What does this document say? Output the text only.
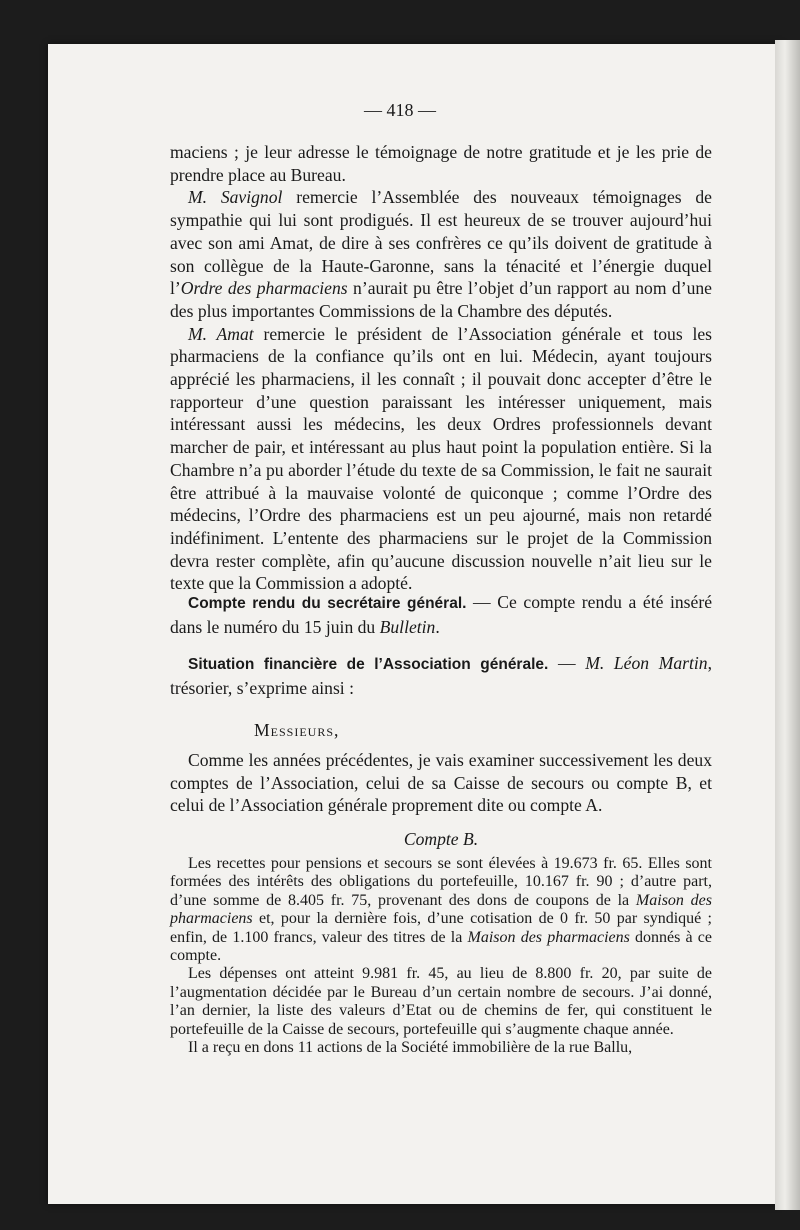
— 418 —

maciens ; je leur adresse le témoignage de notre gratitude et je les prie de prendre place au Bureau.

M. Savignol remercie l’Assemblée des nouveaux témoignages de sympathie qui lui sont prodigués. Il est heureux de se trouver aujourd’hui avec son ami Amat, de dire à ses confrères ce qu’ils doivent de gratitude à son collègue de la Haute-Garonne, sans la ténacité et l’énergie duquel l’Ordre des pharmaciens n’aurait pu être l’objet d’un rapport au nom d’une des plus importantes Commissions de la Chambre des députés.

M. Amat remercie le président de l’Association générale et tous les pharmaciens de la confiance qu’ils ont en lui. Médecin, ayant toujours apprécié les pharmaciens, il les connaît ; il pouvait donc accepter d’être le rapporteur d’une question paraissant les intéresser uniquement, mais intéressant aussi les médecins, les deux Ordres professionnels devant marcher de pair, et intéressant au plus haut point la population entière. Si la Chambre n’a pu aborder l’étude du texte de sa Commission, le fait ne saurait être attribué à la mauvaise volonté de quiconque ; comme l’Ordre des médecins, l’Ordre des pharmaciens est un peu ajourné, mais non retardé indéfiniment. L’entente des pharmaciens sur le projet de la Commission devra rester complète, afin qu’aucune discussion nouvelle n’ait lieu sur le texte que la Commission a adopté.

Compte rendu du secrétaire général. — Ce compte rendu a été inséré dans le numéro du 15 juin du Bulletin.

Situation financière de l’Association générale. — M. Léon Martin, trésorier, s’exprime ainsi :

Messieurs,

Comme les années précédentes, je vais examiner successivement les deux comptes de l’Association, celui de sa Caisse de secours ou compte B, et celui de l’Association générale proprement dite ou compte A.

Compte B.

Les recettes pour pensions et secours se sont élevées à 19.673 fr. 65. Elles sont formées des intérêts des obligations du portefeuille, 10.167 fr. 90 ; d’autre part, d’une somme de 8.405 fr. 75, provenant des dons de coupons de la Maison des pharmaciens et, pour la dernière fois, d’une cotisation de 0 fr. 50 par syndiqué ; enfin, de 1.100 francs, valeur des titres de la Maison des pharmaciens donnés à ce compte.

Les dépenses ont atteint 9.981 fr. 45, au lieu de 8.800 fr. 20, par suite de l’augmentation décidée par le Bureau d’un certain nombre de secours. J’ai donné, l’an dernier, la liste des valeurs d’Etat ou de chemins de fer, qui constituent le portefeuille de la Caisse de secours, portefeuille qui s’augmente chaque année.

Il a reçu en dons 11 actions de la Société immobilière de la rue Ballu,
